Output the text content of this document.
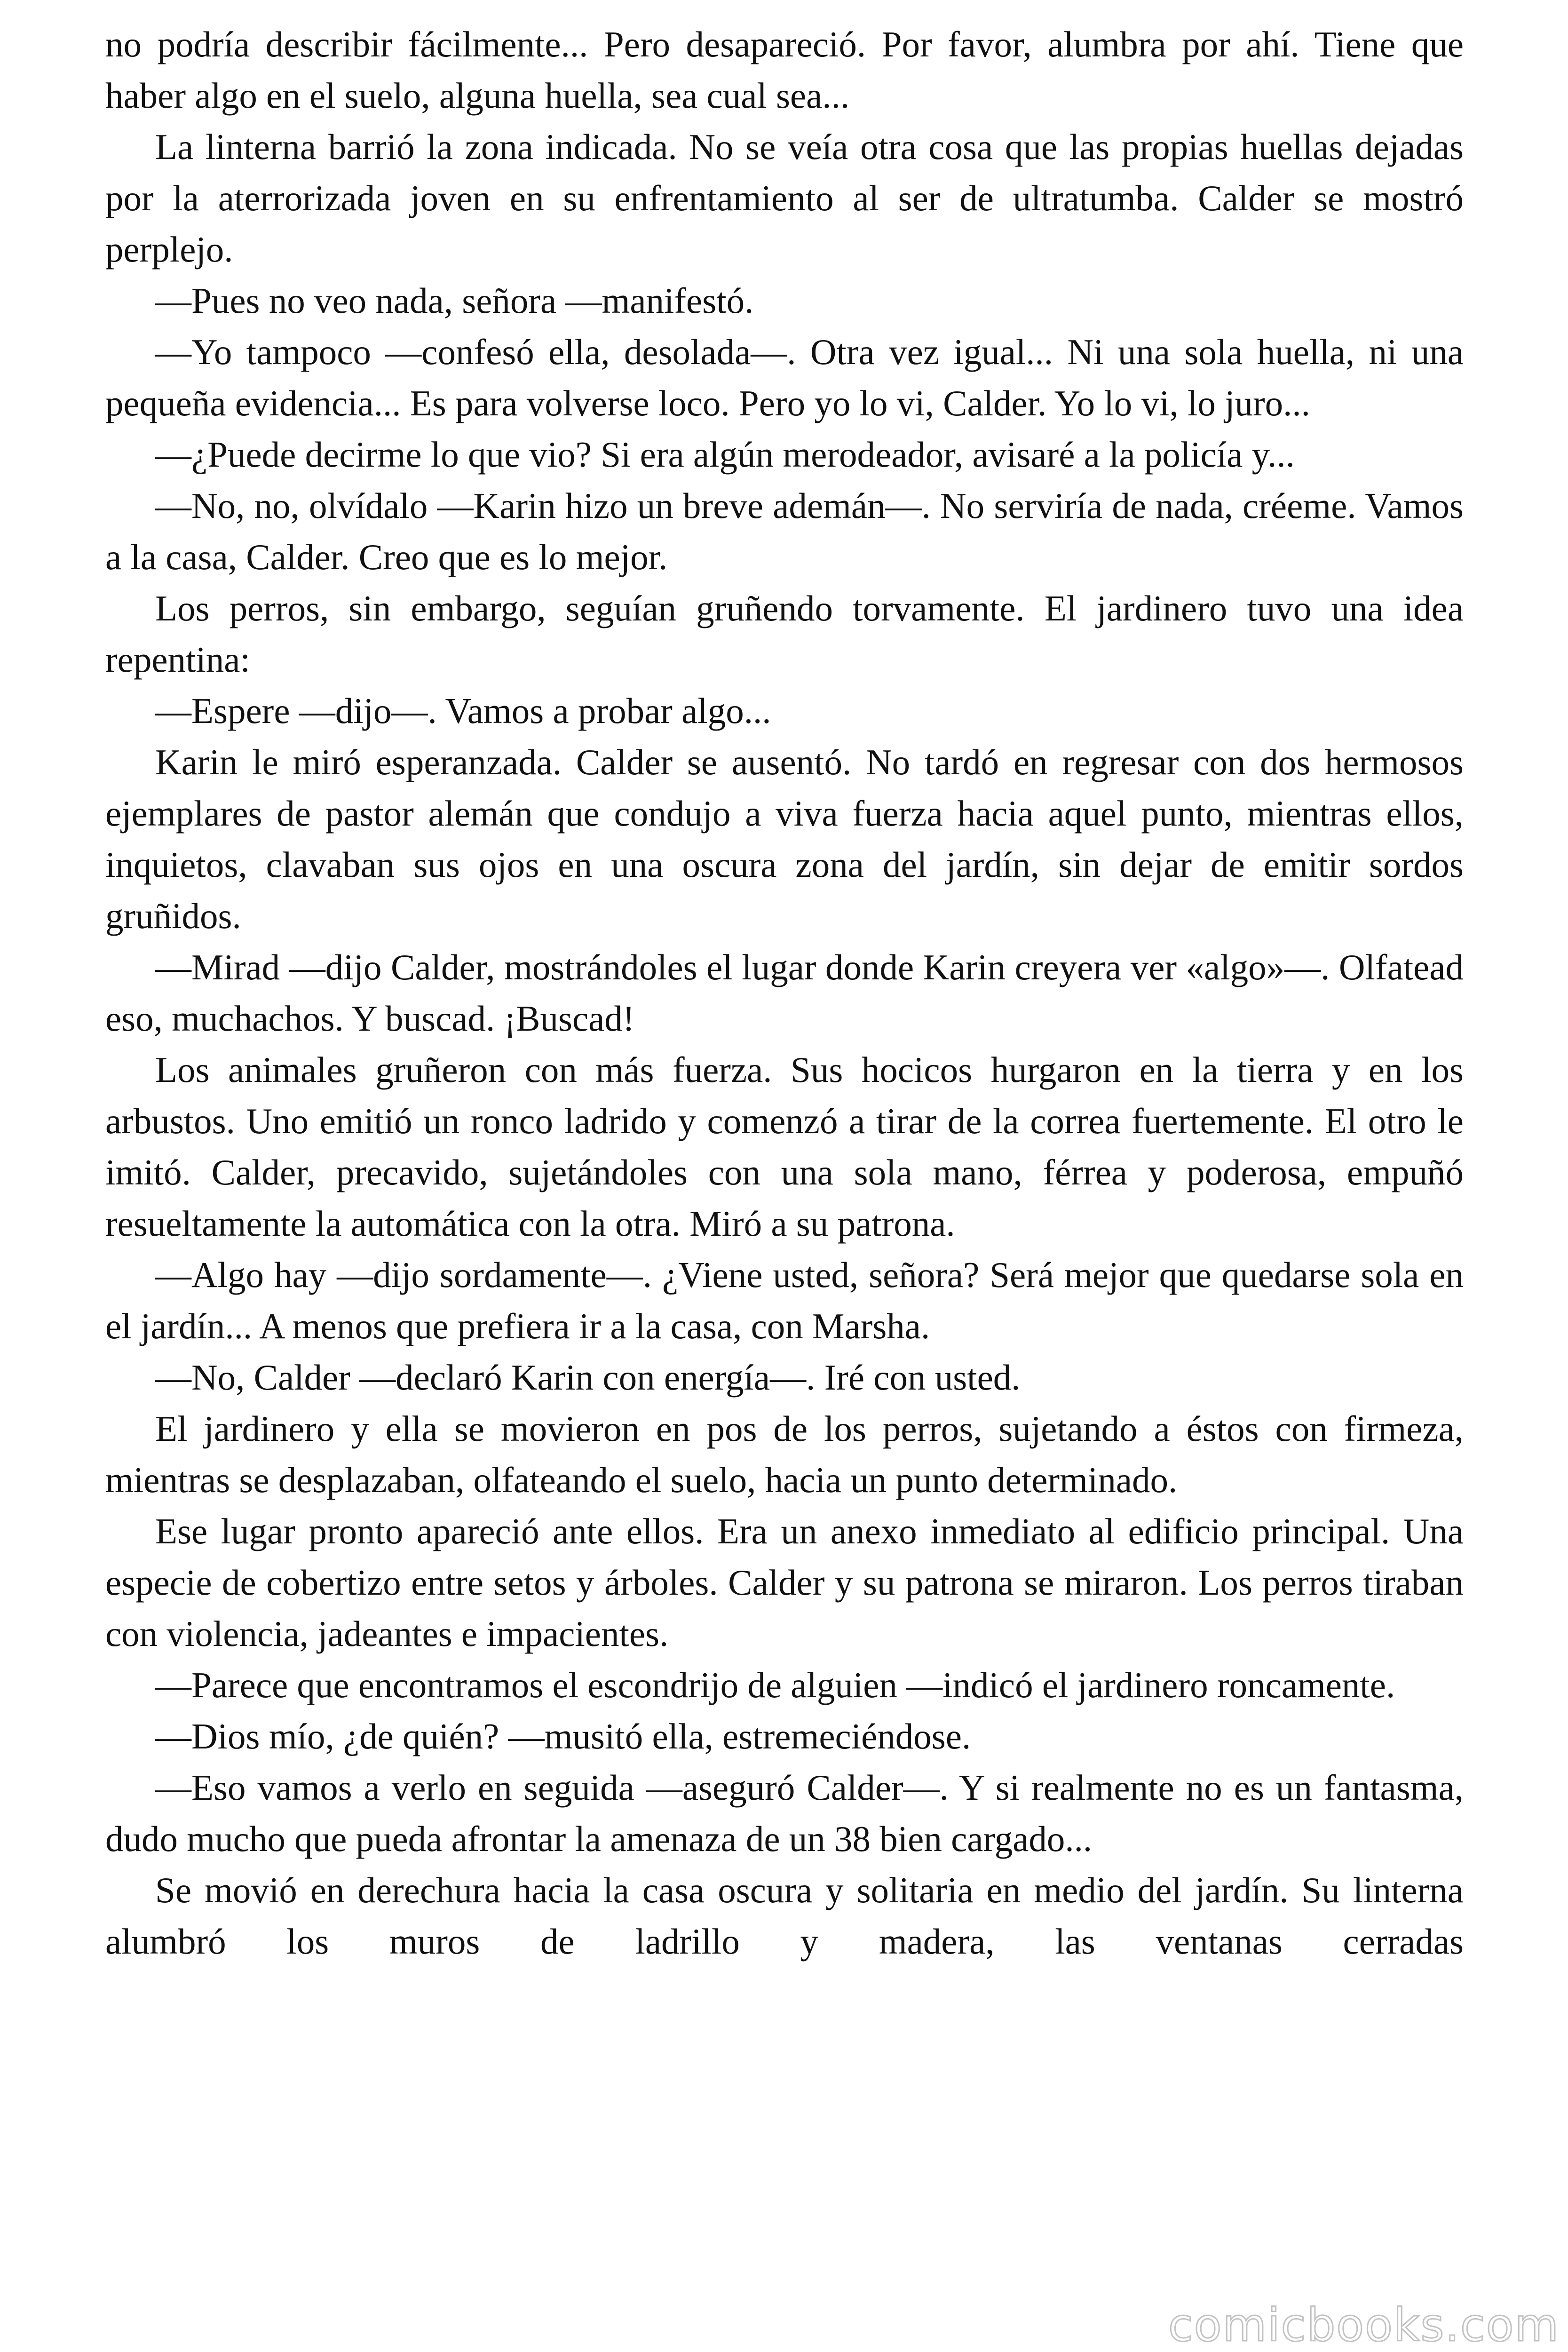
no podría describir fácilmente... Pero desapareció. Por favor, alumbra por ahí. Tiene que haber algo en el suelo, alguna huella, sea cual sea...

La linterna barrió la zona indicada. No se veía otra cosa que las propias huellas dejadas por la aterrorizada joven en su enfrentamiento al ser de ultratumba. Calder se mostró perplejo.

—Pues no veo nada, señora —manifestó.

—Yo tampoco —confesó ella, desolada—. Otra vez igual... Ni una sola huella, ni una pequeña evidencia... Es para volverse loco. Pero yo lo vi, Calder. Yo lo vi, lo juro...

—¿Puede decirme lo que vio? Si era algún merodeador, avisaré a la policía y...

—No, no, olvídalo —Karin hizo un breve ademán—. No serviría de nada, créeme. Vamos a la casa, Calder. Creo que es lo mejor.

Los perros, sin embargo, seguían gruñendo torvamente. El jardinero tuvo una idea repentina:

—Espere —dijo—. Vamos a probar algo...

Karin le miró esperanzada. Calder se ausentó. No tardó en regresar con dos hermosos ejemplares de pastor alemán que condujo a viva fuerza hacia aquel punto, mientras ellos, inquietos, clavaban sus ojos en una oscura zona del jardín, sin dejar de emitir sordos gruñidos.

—Mirad —dijo Calder, mostrándoles el lugar donde Karin creyera ver «algo»—. Olfatead eso, muchachos. Y buscad. ¡Buscad!

Los animales gruñeron con más fuerza. Sus hocicos hurgaron en la tierra y en los arbustos. Uno emitió un ronco ladrido y comenzó a tirar de la correa fuertemente. El otro le imitó. Calder, precavido, sujetándoles con una sola mano, férrea y poderosa, empuñó resueltamente la automática con la otra. Miró a su patrona.

—Algo hay —dijo sordamente—. ¿Viene usted, señora? Será mejor que quedarse sola en el jardín... A menos que prefiera ir a la casa, con Marsha.

—No, Calder —declaró Karin con energía—. Iré con usted.

El jardinero y ella se movieron en pos de los perros, sujetando a éstos con firmeza, mientras se desplazaban, olfateando el suelo, hacia un punto determinado.

Ese lugar pronto apareció ante ellos. Era un anexo inmediato al edificio principal. Una especie de cobertizo entre setos y árboles. Calder y su patrona se miraron. Los perros tiraban con violencia, jadeantes e impacientes.

—Parece que encontramos el escondrijo de alguien —indicó el jardinero roncamente.

—Dios mío, ¿de quién? —musitó ella, estremeciéndose.

—Eso vamos a verlo en seguida —aseguró Calder—. Y si realmente no es un fantasma, dudo mucho que pueda afrontar la amenaza de un 38 bien cargado...

Se movió en derechura hacia la casa oscura y solitaria en medio del jardín. Su linterna alumbró los muros de ladrillo y madera, las ventanas cerradas

comicbooks.com
